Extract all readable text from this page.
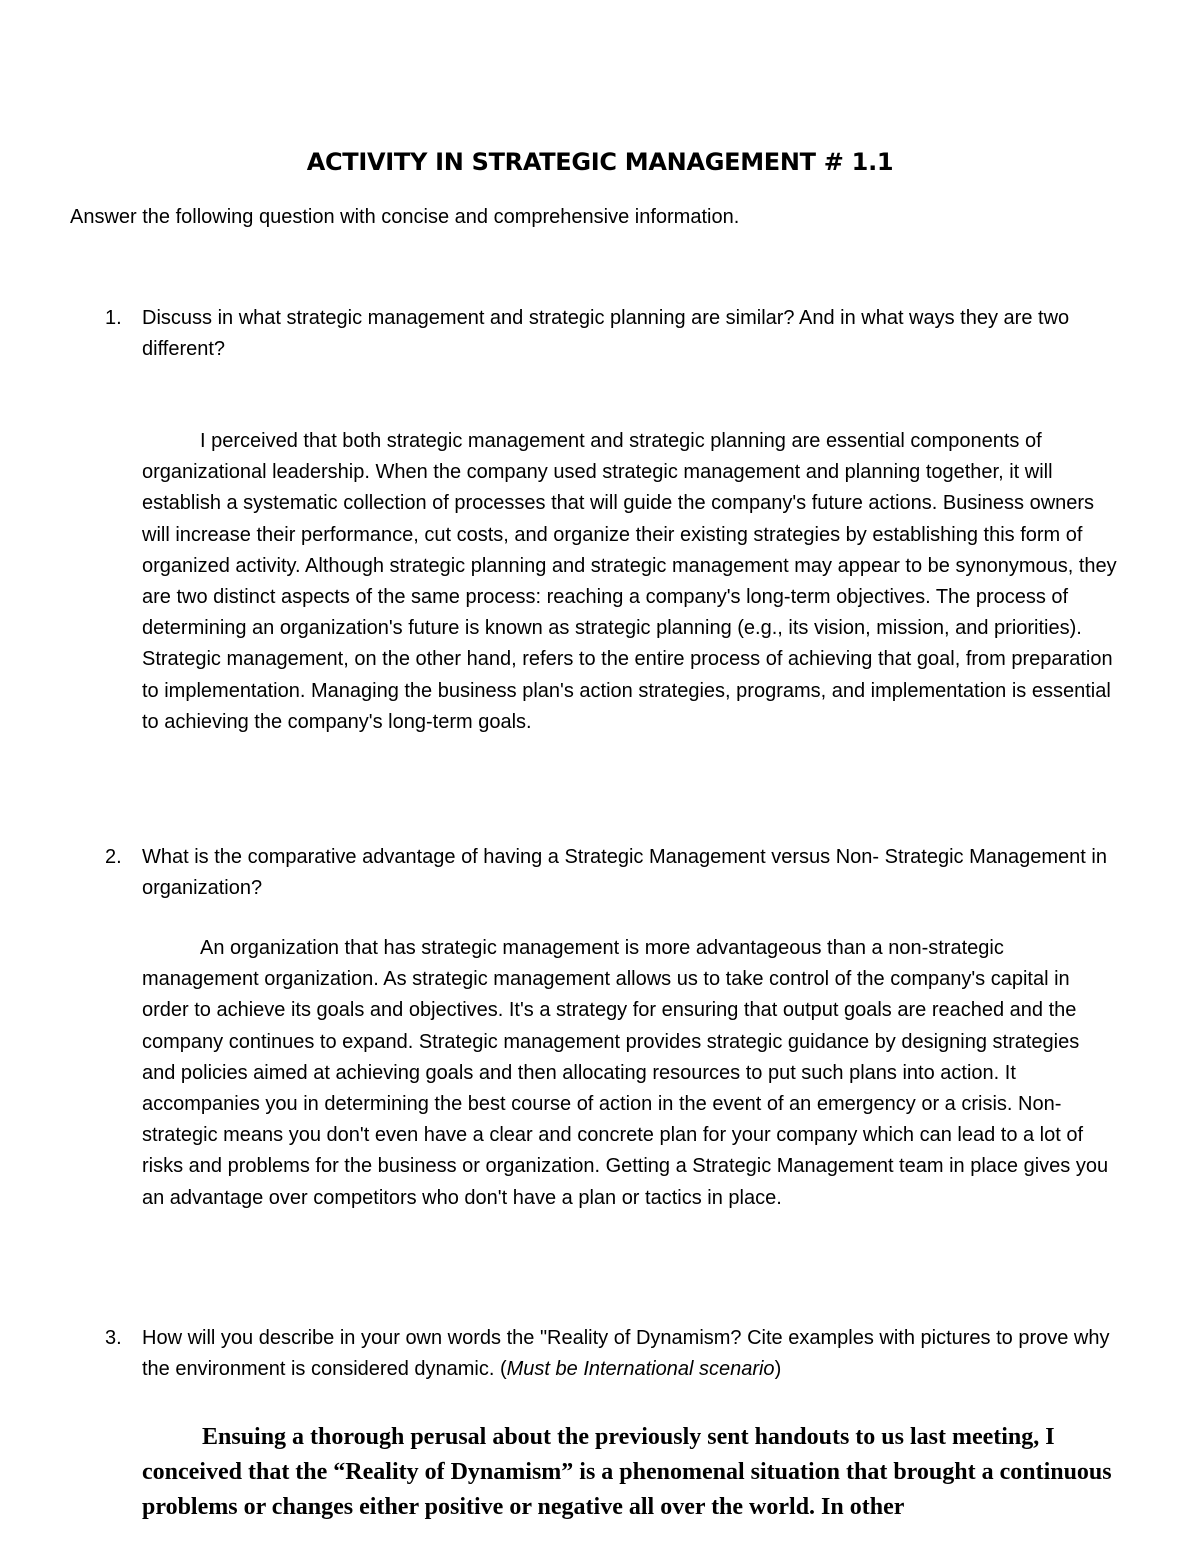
ACTIVITY IN STRATEGIC MANAGEMENT # 1.1
Answer the following question with concise and comprehensive information.
1. Discuss in what strategic management and strategic planning are similar? And in what ways they are two different?
I perceived that both strategic management and strategic planning are essential components of organizational leadership. When the company used strategic management and planning together, it will establish a systematic collection of processes that will guide the company's future actions. Business owners will increase their performance, cut costs, and organize their existing strategies by establishing this form of organized activity. Although strategic planning and strategic management may appear to be synonymous, they are two distinct aspects of the same process: reaching a company's long-term objectives. The process of determining an organization's future is known as strategic planning (e.g., its vision, mission, and priorities). Strategic management, on the other hand, refers to the entire process of achieving that goal, from preparation to implementation. Managing the business plan's action strategies, programs, and implementation is essential to achieving the company's long-term goals.
2. What is the comparative advantage of having a Strategic Management versus Non- Strategic Management in organization?
An organization that has strategic management is more advantageous than a non-strategic management organization. As strategic management allows us to take control of the company's capital in order to achieve its goals and objectives. It's a strategy for ensuring that output goals are reached and the company continues to expand. Strategic management provides strategic guidance by designing strategies and policies aimed at achieving goals and then allocating resources to put such plans into action. It accompanies you in determining the best course of action in the event of an emergency or a crisis. Non-strategic means you don't even have a clear and concrete plan for your company which can lead to a lot of risks and problems for the business or organization. Getting a Strategic Management team in place gives you an advantage over competitors who don't have a plan or tactics in place.
3. How will you describe in your own words the "Reality of Dynamism? Cite examples with pictures to prove why the environment is considered dynamic. (Must be International scenario)
Ensuing a thorough perusal about the previously sent handouts to us last meeting, I conceived that the “Reality of Dynamism” is a phenomenal situation that brought a continuous problems or changes either positive or negative all over the world. In other
